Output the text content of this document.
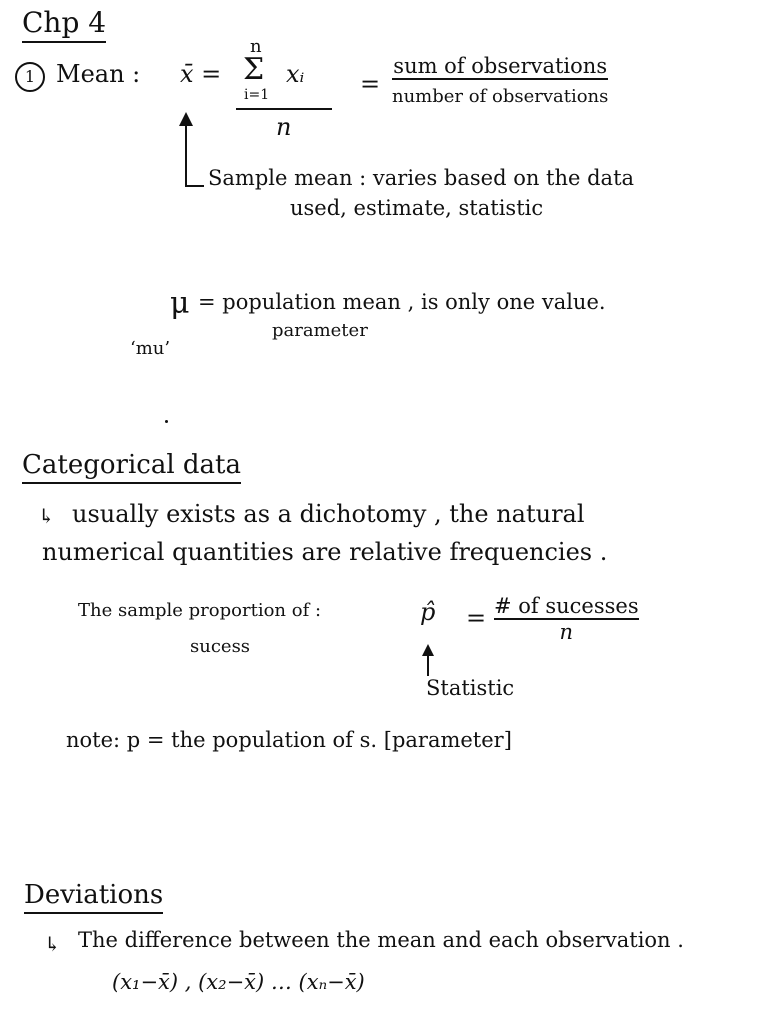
Chp 4
1 Mean : x̄ =
n
Σ xᵢ
i=1
n
=
sum of observations
number of observations
Sample mean : varies based on the data
used, estimate, statistic
μ = population mean , is only one value.
parameter
‘mu’
Categorical data
↳ usually exists as a dichotomy , the natural
numerical quantities are relative frequencies .
The sample proportion of :
sucess
p̂ = # of sucesses
n
Statistic
note: p = the population of s. [parameter]
Deviations
↳ The difference between the mean and each observation .
(x₁−x̄) , (x₂−x̄) … (xₙ−x̄)
